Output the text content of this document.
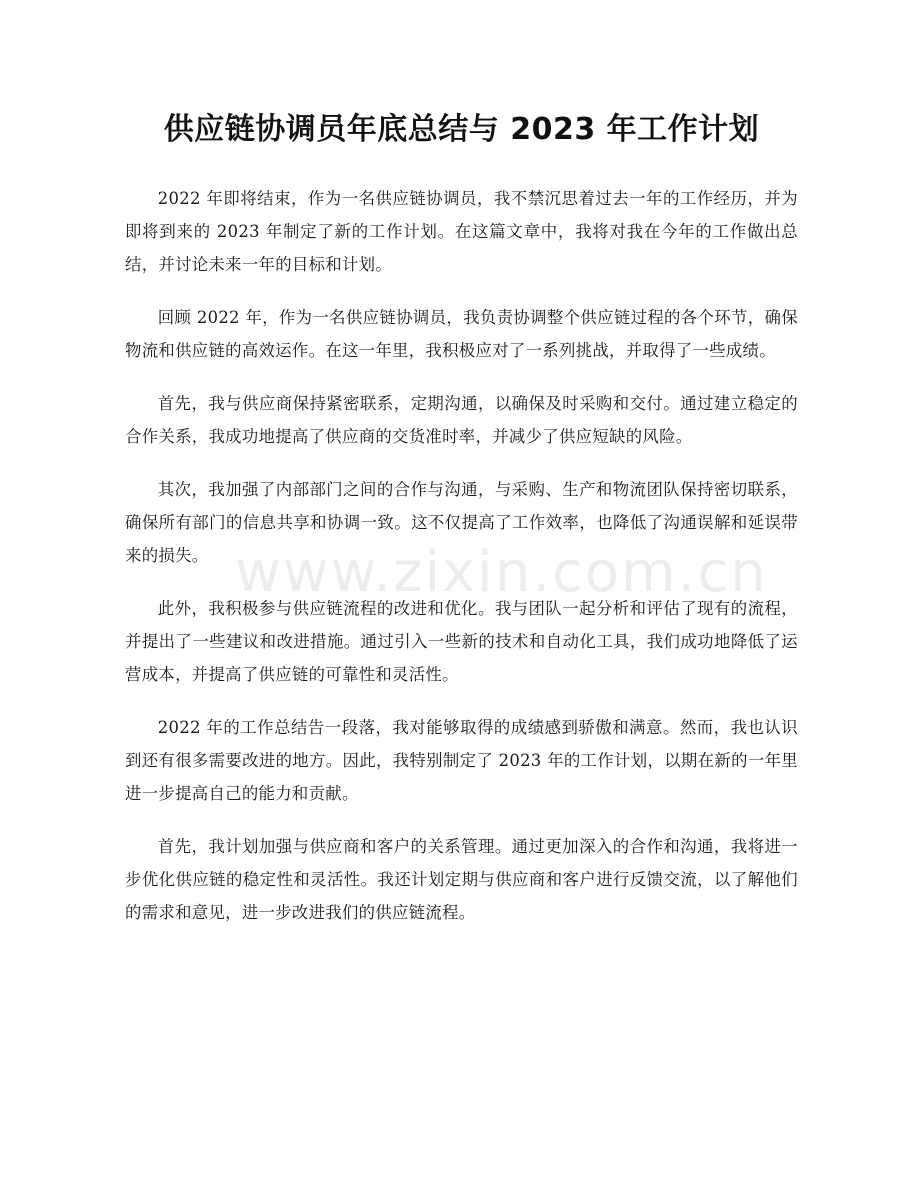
供应链协调员年底总结与 2023 年工作计划

2022 年即将结束，作为一名供应链协调员，我不禁沉思着过去一年的工作经历，并为即将到来的 2023 年制定了新的工作计划。在这篇文章中，我将对我在今年的工作做出总结，并讨论未来一年的目标和计划。

回顾 2022 年，作为一名供应链协调员，我负责协调整个供应链过程的各个环节，确保物流和供应链的高效运作。在这一年里，我积极应对了一系列挑战，并取得了一些成绩。

首先，我与供应商保持紧密联系，定期沟通，以确保及时采购和交付。通过建立稳定的合作关系，我成功地提高了供应商的交货准时率，并减少了供应短缺的风险。

其次，我加强了内部部门之间的合作与沟通，与采购、生产和物流团队保持密切联系，确保所有部门的信息共享和协调一致。这不仅提高了工作效率，也降低了沟通误解和延误带来的损失。

此外，我积极参与供应链流程的改进和优化。我与团队一起分析和评估了现有的流程，并提出了一些建议和改进措施。通过引入一些新的技术和自动化工具，我们成功地降低了运营成本，并提高了供应链的可靠性和灵活性。

2022 年的工作总结告一段落，我对能够取得的成绩感到骄傲和满意。然而，我也认识到还有很多需要改进的地方。因此，我特别制定了 2023 年的工作计划，以期在新的一年里进一步提高自己的能力和贡献。

首先，我计划加强与供应商和客户的关系管理。通过更加深入的合作和沟通，我将进一步优化供应链的稳定性和灵活性。我还计划定期与供应商和客户进行反馈交流，以了解他们的需求和意见，进一步改进我们的供应链流程。

www.zixin.com.cn
